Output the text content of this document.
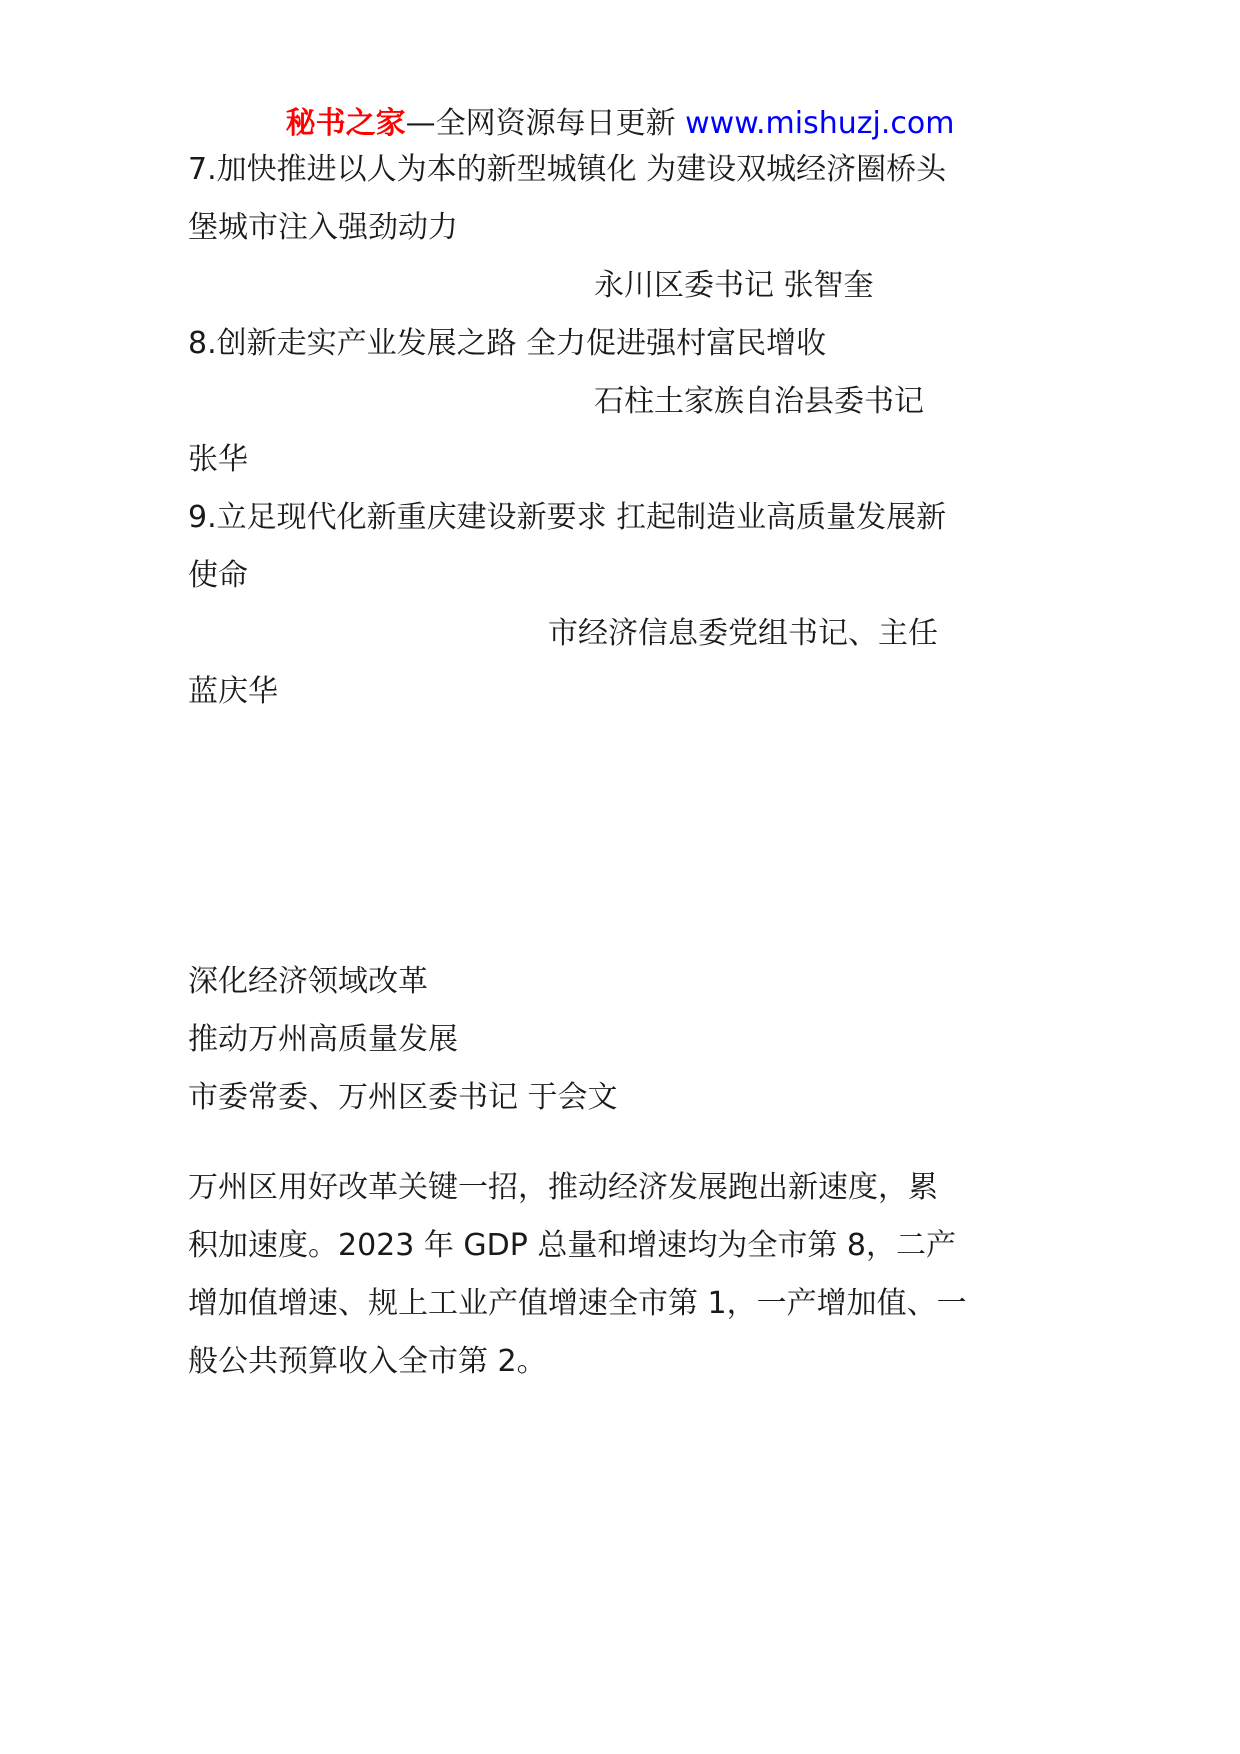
秘书之家—全网资源每日更新 www.mishuzj.com
7.加快推进以人为本的新型城镇化 为建设双城经济圈桥头
堡城市注入强劲动力
永川区委书记 张智奎
8.创新走实产业发展之路 全力促进强村富民增收
石柱土家族自治县委书记
张华
9.立足现代化新重庆建设新要求 扛起制造业高质量发展新
使命
市经济信息委党组书记、主任
蓝庆华
深化经济领域改革
推动万州高质量发展
市委常委、万州区委书记 于会文
万州区用好改革关键一招，推动经济发展跑出新速度，累
积加速度。2023 年 GDP 总量和增速均为全市第 8，二产
增加值增速、规上工业产值增速全市第 1，一产增加值、一
般公共预算收入全市第 2。
